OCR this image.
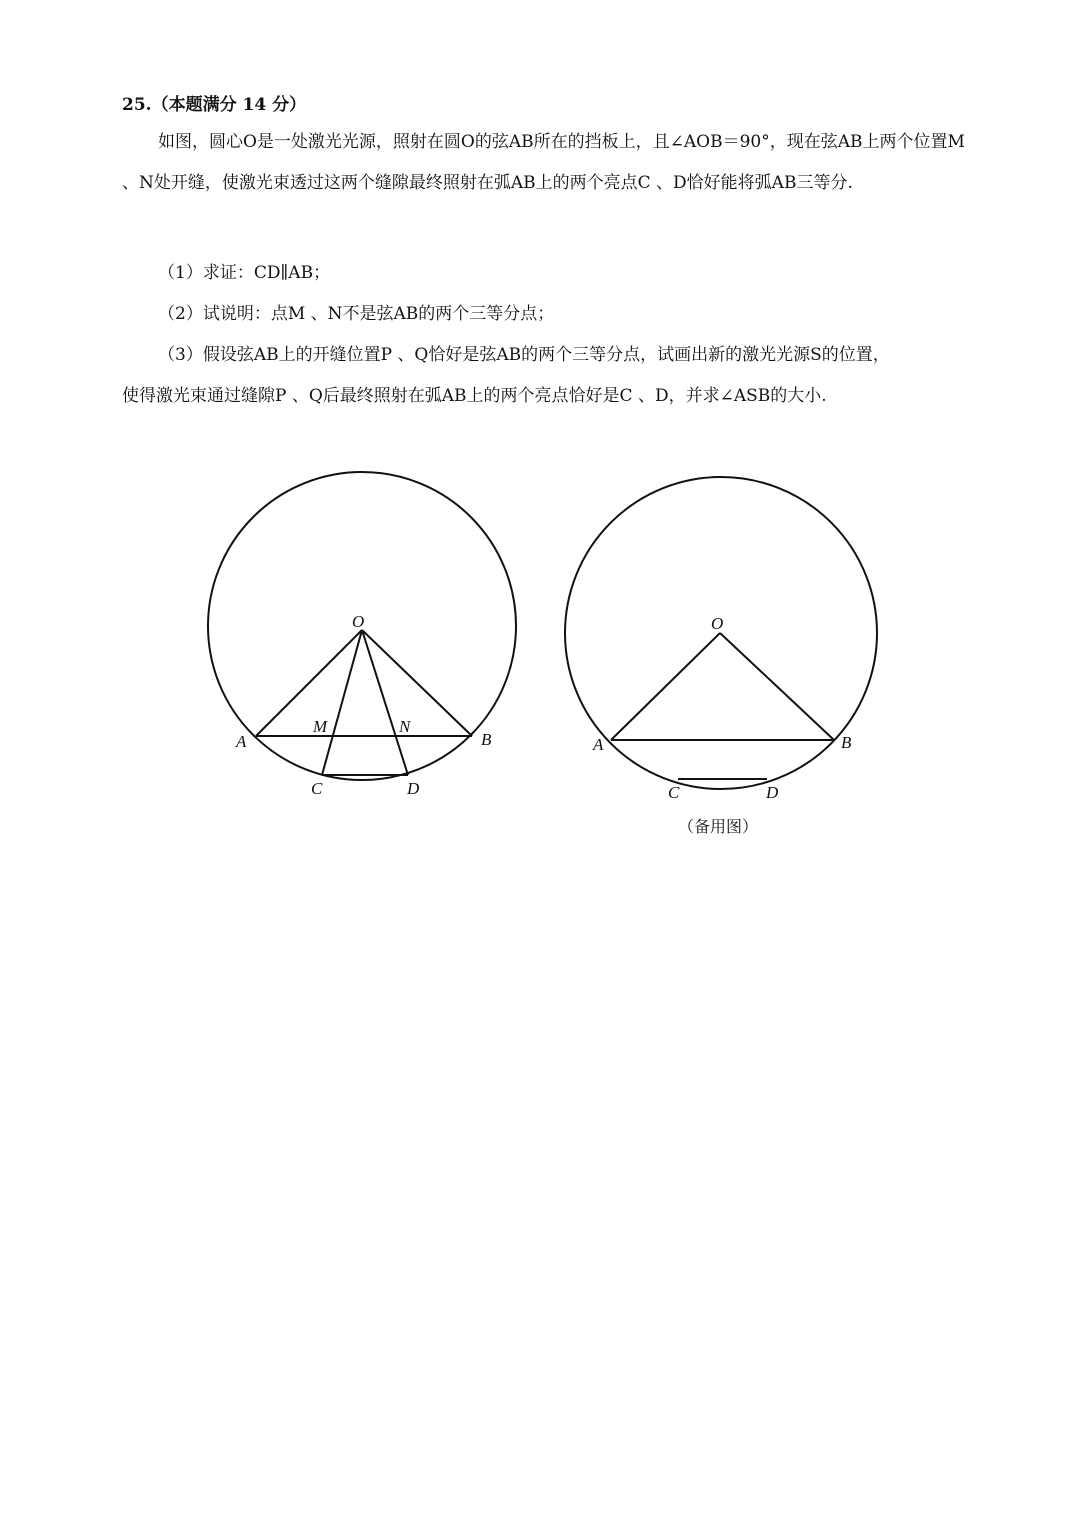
25.（本题满分 14 分）

如图，圆心O是一处激光光源，照射在圆O的弦AB所在的挡板上，且∠AOB＝90°，现在弦AB上两个位置M 、N处开缝，使激光束透过这两个缝隙最终照射在弧AB上的两个亮点C 、D恰好能将弧AB三等分.

（1）求证：CD∥AB；
（2）试说明：点M 、N不是弦AB的两个三等分点；
（3）假设弦AB上的开缝位置P 、Q恰好是弦AB的两个三等分点，试画出新的激光光源S的位置，
使得激光束通过缝隙P 、Q后最终照射在弧AB上的两个亮点恰好是C 、D，并求∠ASB的大小.
O
A	B
M	N
C	D
O
A	B
C	D
（备用图）
